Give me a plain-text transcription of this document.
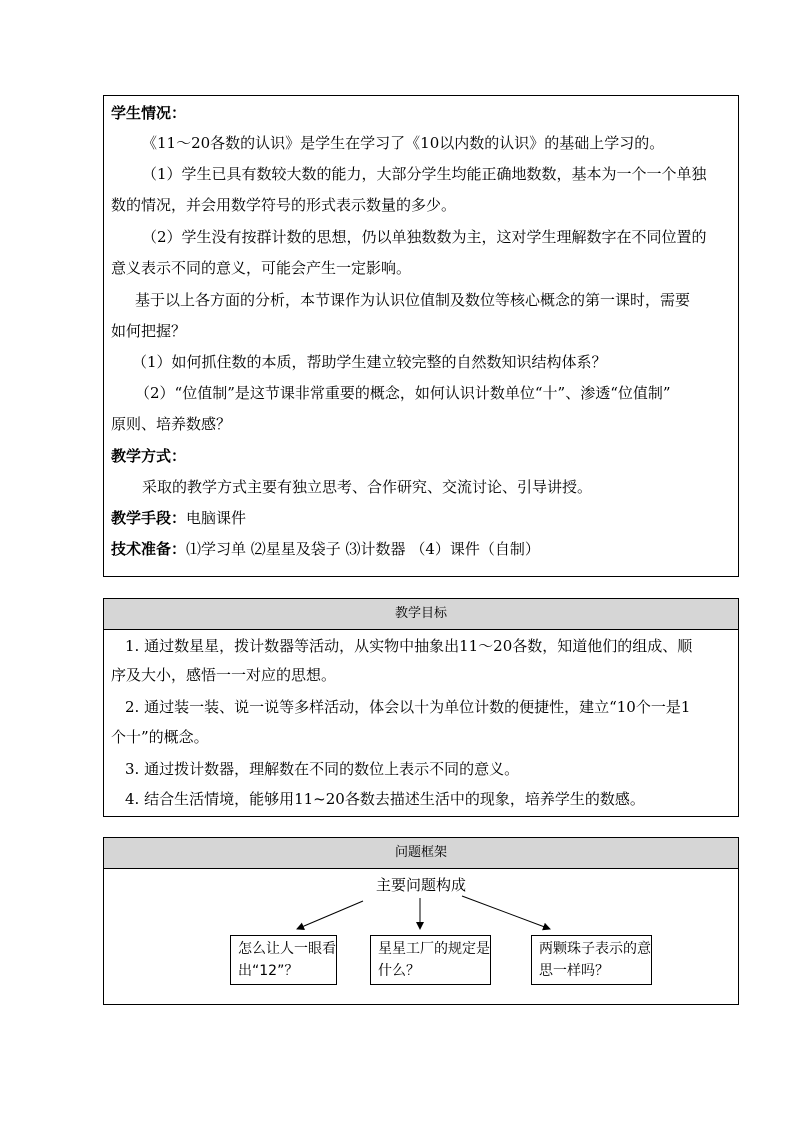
学生情况：
《11～20各数的认识》是学生在学习了《10以内数的认识》的基础上学习的。
（1）学生已具有数较大数的能力，大部分学生均能正确地数数，基本为一个一个单独
数的情况，并会用数学符号的形式表示数量的多少。
（2）学生没有按群计数的思想，仍以单独数数为主，这对学生理解数字在不同位置的
意义表示不同的意义，可能会产生一定影响。
基于以上各方面的分析，本节课作为认识位值制及数位等核心概念的第一课时，需要
如何把握？
（1）如何抓住数的本质，帮助学生建立较完整的自然数知识结构体系？
（2）“位值制”是这节课非常重要的概念，如何认识计数单位“十”、渗透“位值制”
原则、培养数感？
教学方式：
采取的教学方式主要有独立思考、合作研究、交流讨论、引导讲授。
教学手段：电脑课件
技术准备：⑴学习单 ⑵星星及袋子 ⑶计数器 （4）课件（自制）
教学目标
1. 通过数星星，拨计数器等活动，从实物中抽象出11～20各数，知道他们的组成、顺
序及大小，感悟一一对应的思想。
2. 通过装一装、说一说等多样活动，体会以十为单位计数的便捷性，建立“10个一是1
个十”的概念。
3. 通过拨计数器，理解数在不同的数位上表示不同的意义。
4. 结合生活情境，能够用11~20各数去描述生活中的现象，培养学生的数感。
问题框架
主要问题构成
怎么让人一眼看出“12”？
星星工厂的规定是什么？
两颗珠子表示的意思一样吗？
